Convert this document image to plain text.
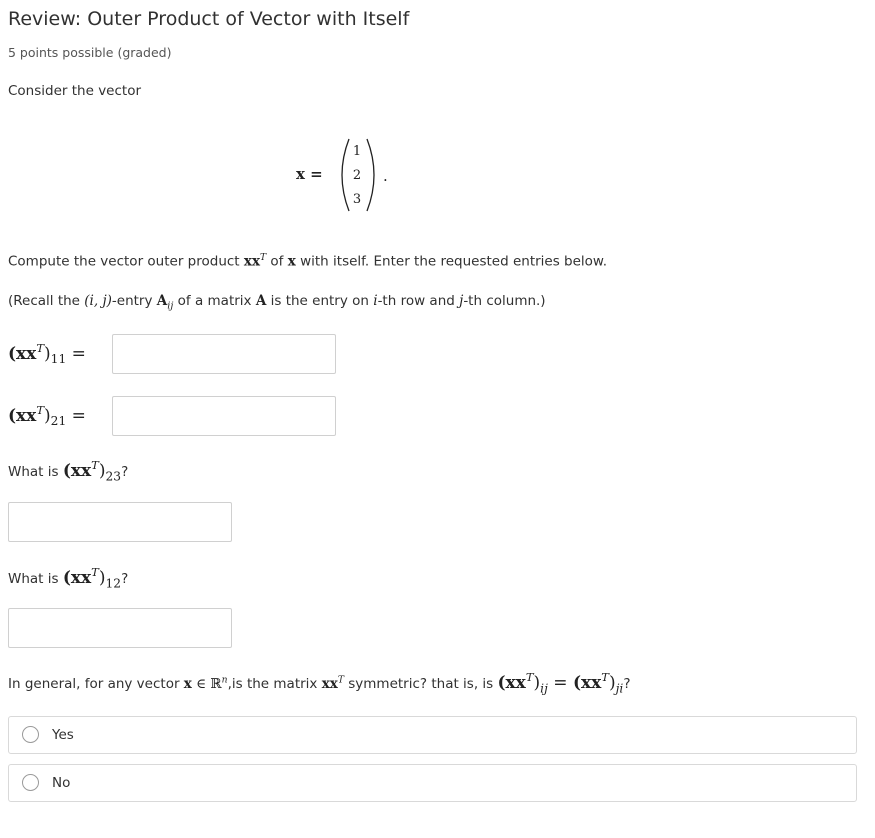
Review: Outer Product of Vector with Itself
5 points possible (graded)
Consider the vector
x =
1
2
3
.
Compute the vector outer product $xx^T$ of x with itself. Enter the requested entries below.
(Recall the (i, j)-entry $A_{ij}$ of a matrix A is the entry on i-th row and j-th column.)
$(xx^T)_{11}$ =
$(xx^T)_{21}$ =
What is $(xx^T)_{23}$?
What is $(xx^T)_{12}$?
In general, for any vector x ∈ ℝ$^n$,is the matrix $xx^T$ symmetric? that is, is $(xx^T)_{ij} = (xx^T)_{ji}$?
Yes
No
